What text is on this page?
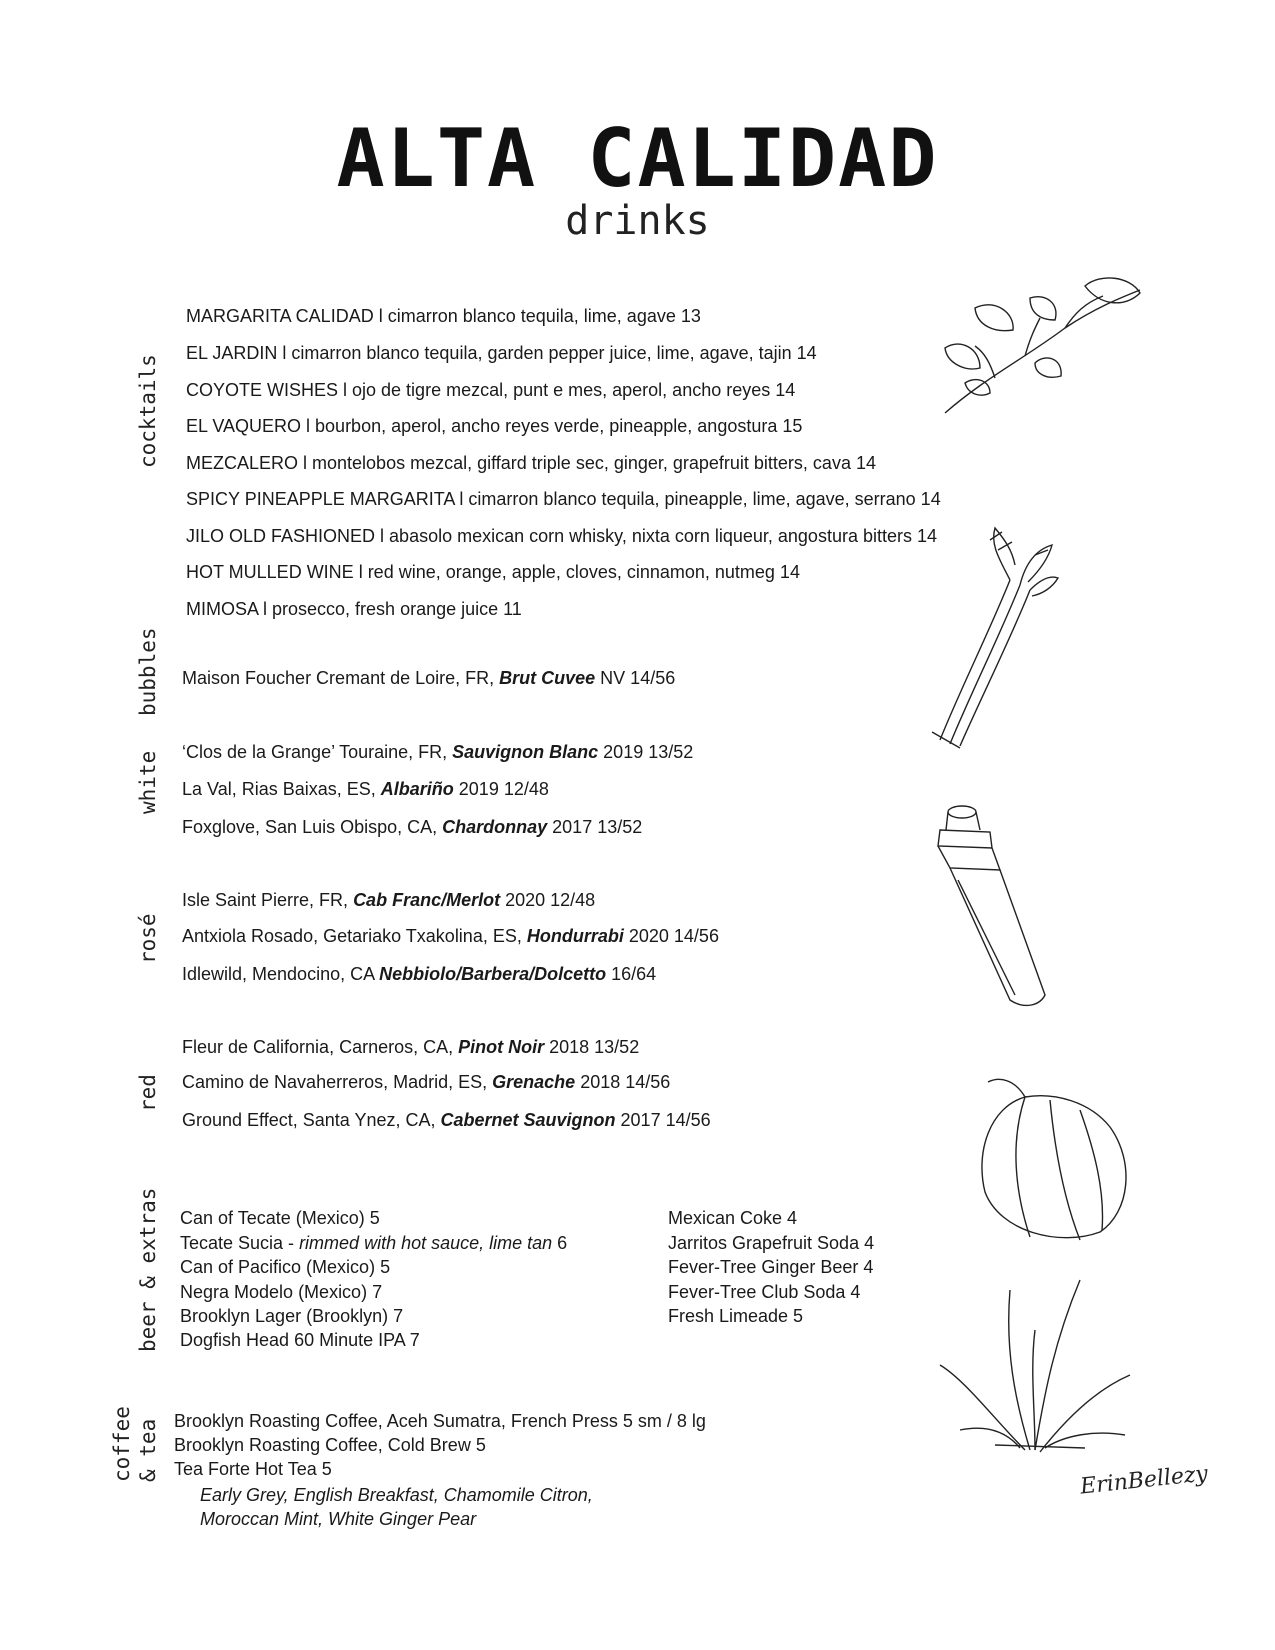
ALTA CALIDAD
drinks
cocktails
bubbles
white
rosé
red
beer & extras
coffee & tea
MARGARITA CALIDAD l cimarron blanco tequila, lime, agave 13
EL JARDIN l cimarron blanco tequila, garden pepper juice, lime, agave, tajin 14
COYOTE WISHES l ojo de tigre mezcal, punt e mes, aperol, ancho reyes 14
EL VAQUERO l bourbon, aperol, ancho reyes verde, pineapple, angostura 15
MEZCALERO l montelobos mezcal, giffard triple sec, ginger, grapefruit bitters, cava 14
SPICY PINEAPPLE MARGARITA l cimarron blanco tequila, pineapple, lime, agave, serrano 14
JILO OLD FASHIONED l abasolo mexican corn whisky, nixta corn liqueur, angostura bitters 14
HOT MULLED WINE l red wine, orange, apple, cloves, cinnamon, nutmeg 14
MIMOSA l prosecco, fresh orange juice 11
Maison Foucher Cremant de Loire, FR, Brut Cuvee NV 14/56
‘Clos de la Grange’ Touraine, FR, Sauvignon Blanc 2019 13/52
La Val, Rias Baixas, ES, Albariño 2019 12/48
Foxglove, San Luis Obispo, CA, Chardonnay 2017 13/52
Isle Saint Pierre, FR, Cab Franc/Merlot 2020 12/48
Antxiola Rosado, Getariako Txakolina, ES, Hondurrabi 2020 14/56
Idlewild, Mendocino, CA Nebbiolo/Barbera/Dolcetto 16/64
Fleur de California, Carneros, CA, Pinot Noir 2018 13/52
Camino de Navaherreros, Madrid, ES, Grenache 2018 14/56
Ground Effect, Santa Ynez, CA, Cabernet Sauvignon 2017 14/56
Can of Tecate (Mexico) 5
Tecate Sucia - rimmed with hot sauce, lime tan 6
Can of Pacifico (Mexico) 5
Negra Modelo (Mexico) 7
Brooklyn Lager (Brooklyn) 7
Dogfish Head 60 Minute IPA 7
Mexican Coke 4
Jarritos Grapefruit Soda 4
Fever-Tree Ginger Beer 4
Fever-Tree Club Soda 4
Fresh Limeade 5
Brooklyn Roasting Coffee, Aceh Sumatra, French Press 5 sm / 8 lg
Brooklyn Roasting Coffee, Cold Brew 5
Tea Forte Hot Tea 5
Early Grey, English Breakfast, Chamomile Citron,
Moroccan Mint, White Ginger Pear
ErinBellezy
